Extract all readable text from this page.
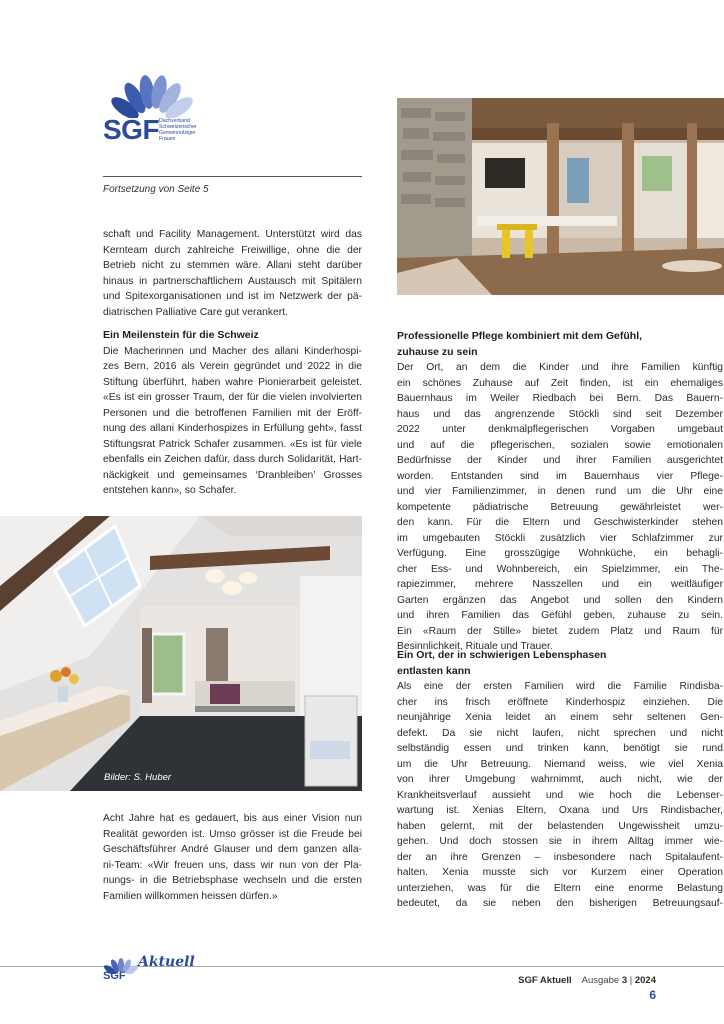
SGF Dachverband
Schweizerischer
Gemeinnütziger
Frauen
Fortsetzung von Seite 5
schaft und Facility Management. Unterstützt wird das
Kernteam durch zahlreiche Freiwillige, ohne die der
Betrieb nicht zu stemmen wäre. Allani steht darüber
hinaus in partnerschaftlichem Austausch mit Spitälern
und Spitexorganisationen und ist im Netzwerk der pä-
diatrischen Palliative Care gut verankert.
Ein Meilenstein für die Schweiz
Die Macherinnen und Macher des allani Kinderhospi-
zes Bern, 2016 als Verein gegründet und 2022 in die
Stiftung überführt, haben wahre Pionierarbeit geleistet.
«Es ist ein grosser Traum, der für die vielen involvierten
Personen und die betroffenen Familien mit der Eröff-
nung des allani Kinderhospizes in Erfüllung geht», fasst
Stiftungsrat Patrick Schafer zusammen. «Es ist für viele
ebenfalls ein Zeichen dafür, dass durch Solidarität, Hart-
näckigkeit und gemeinsames ‘Dranbleiben’ Grosses
entstehen kann», so Schafer.
Bilder: S. Huber
Acht Jahre hat es gedauert, bis aus einer Vision nun
Realität geworden ist. Umso grösser ist die Freude bei
Geschäftsführer André Glauser und dem ganzen alla-
ni-Team: «Wir freuen uns, dass wir nun von der Pla-
nungs- in die Betriebsphase wechseln und die ersten
Familien willkommen heissen dürfen.»
Professionelle Pflege kombiniert mit dem Gefühl,
zuhause zu sein
Der Ort, an dem die Kinder und ihre Familien künftig
ein schönes Zuhause auf Zeit finden, ist ein ehemaliges
Bauernhaus im Weiler Riedbach bei Bern. Das Bauern-
haus und das angrenzende Stöckli sind seit Dezember
2022 unter denkmalpflegerischen Vorgaben umgebaut
und auf die pflegerischen, sozialen sowie emotionalen
Bedürfnisse der Kinder und ihrer Familien ausgerichtet
worden. Entstanden sind im Bauernhaus vier Pflege-
und vier Familienzimmer, in denen rund um die Uhr eine
kompetente pädiatrische Betreuung gewährleistet wer-
den kann. Für die Eltern und Geschwisterkinder stehen
im umgebauten Stöckli zusätzlich vier Schlafzimmer zur
Verfügung. Eine grosszügige Wohnküche, ein behagli-
cher Ess- und Wohnbereich, ein Spielzimmer, ein The-
rapiezimmer, mehrere Nasszellen und ein weitläufiger
Garten ergänzen das Angebot und sollen den Kindern
und ihren Familien das Gefühl geben, zuhause zu sein.
Ein «Raum der Stille» bietet zudem Platz und Raum für
Besinnlichkeit, Rituale und Trauer.
Ein Ort, der in schwierigen Lebensphasen
entlasten kann
Als eine der ersten Familien wird die Familie Rindisba-
cher ins frisch eröffnete Kinderhospiz einziehen. Die
neunjährige Xenia leidet an einem sehr seltenen Gen-
defekt. Da sie nicht laufen, nicht sprechen und nicht
selbständig essen und trinken kann, benötigt sie rund
um die Uhr Betreuung. Niemand weiss, wie viel Xenia
von ihrer Umgebung wahrnimmt, auch nicht, wie der
Krankheitsverlauf aussieht und wie hoch die Lebenser-
wartung ist. Xenias Eltern, Oxana und Urs Rindisbacher,
haben gelernt, mit der belastenden Ungewissheit umzu-
gehen. Und doch stossen sie in ihrem Alltag immer wie-
der an ihre Grenzen – insbesondere nach Spitalaufent-
halten. Xenia musste sich vor Kurzem einer Operation
unterziehen, was für die Eltern eine enorme Belastung
bedeutet, da sie neben den bisherigen Betreuungsauf-
SGF
Aktuell
SGF Aktuell Ausgabe 3 | 2024
6
